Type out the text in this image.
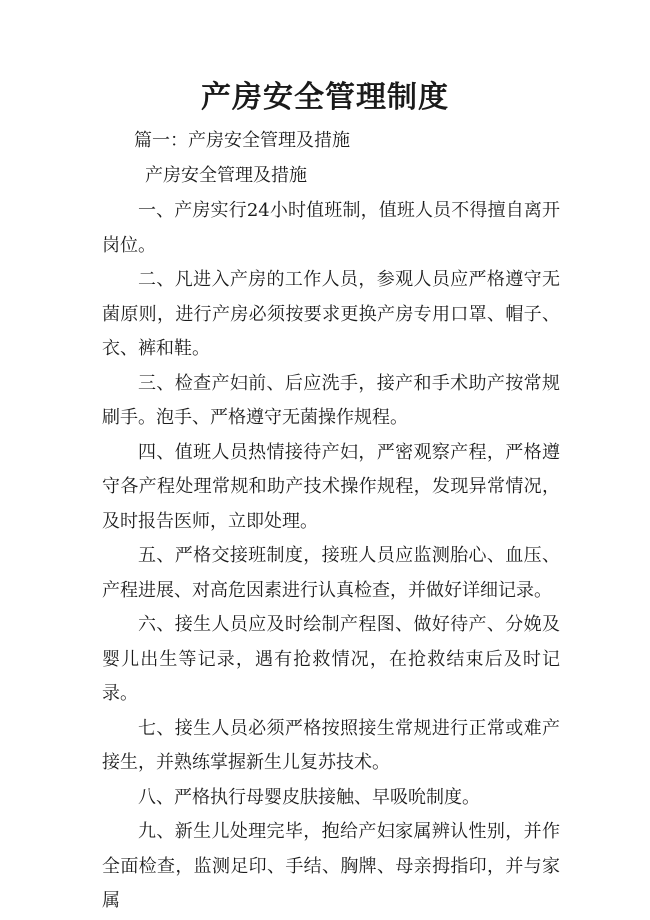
产房安全管理制度
篇一：产房安全管理及措施
产房安全管理及措施

一、产房实行24小时值班制，值班人员不得擅自离开岗位。

二、凡进入产房的工作人员，参观人员应严格遵守无菌原则，进行产房必须按要求更换产房专用口罩、帽子、衣、裤和鞋。

三、检查产妇前、后应洗手，接产和手术助产按常规刷手。泡手、严格遵守无菌操作规程。

四、值班人员热情接待产妇，严密观察产程，严格遵守各产程处理常规和助产技术操作规程，发现异常情况，及时报告医师，立即处理。

五、严格交接班制度，接班人员应监测胎心、血压、产程进展、对高危因素进行认真检查，并做好详细记录。

六、接生人员应及时绘制产程图、做好待产、分娩及婴儿出生等记录，遇有抢救情况，在抢救结束后及时记录。

七、接生人员必须严格按照接生常规进行正常或难产接生，并熟练掌握新生儿复苏技术。

八、严格执行母婴皮肤接触、早吸吮制度。

九、新生儿处理完毕，抱给产妇家属辨认性别，并作全面检查，监测足印、手结、胸牌、母亲拇指印，并与家属
